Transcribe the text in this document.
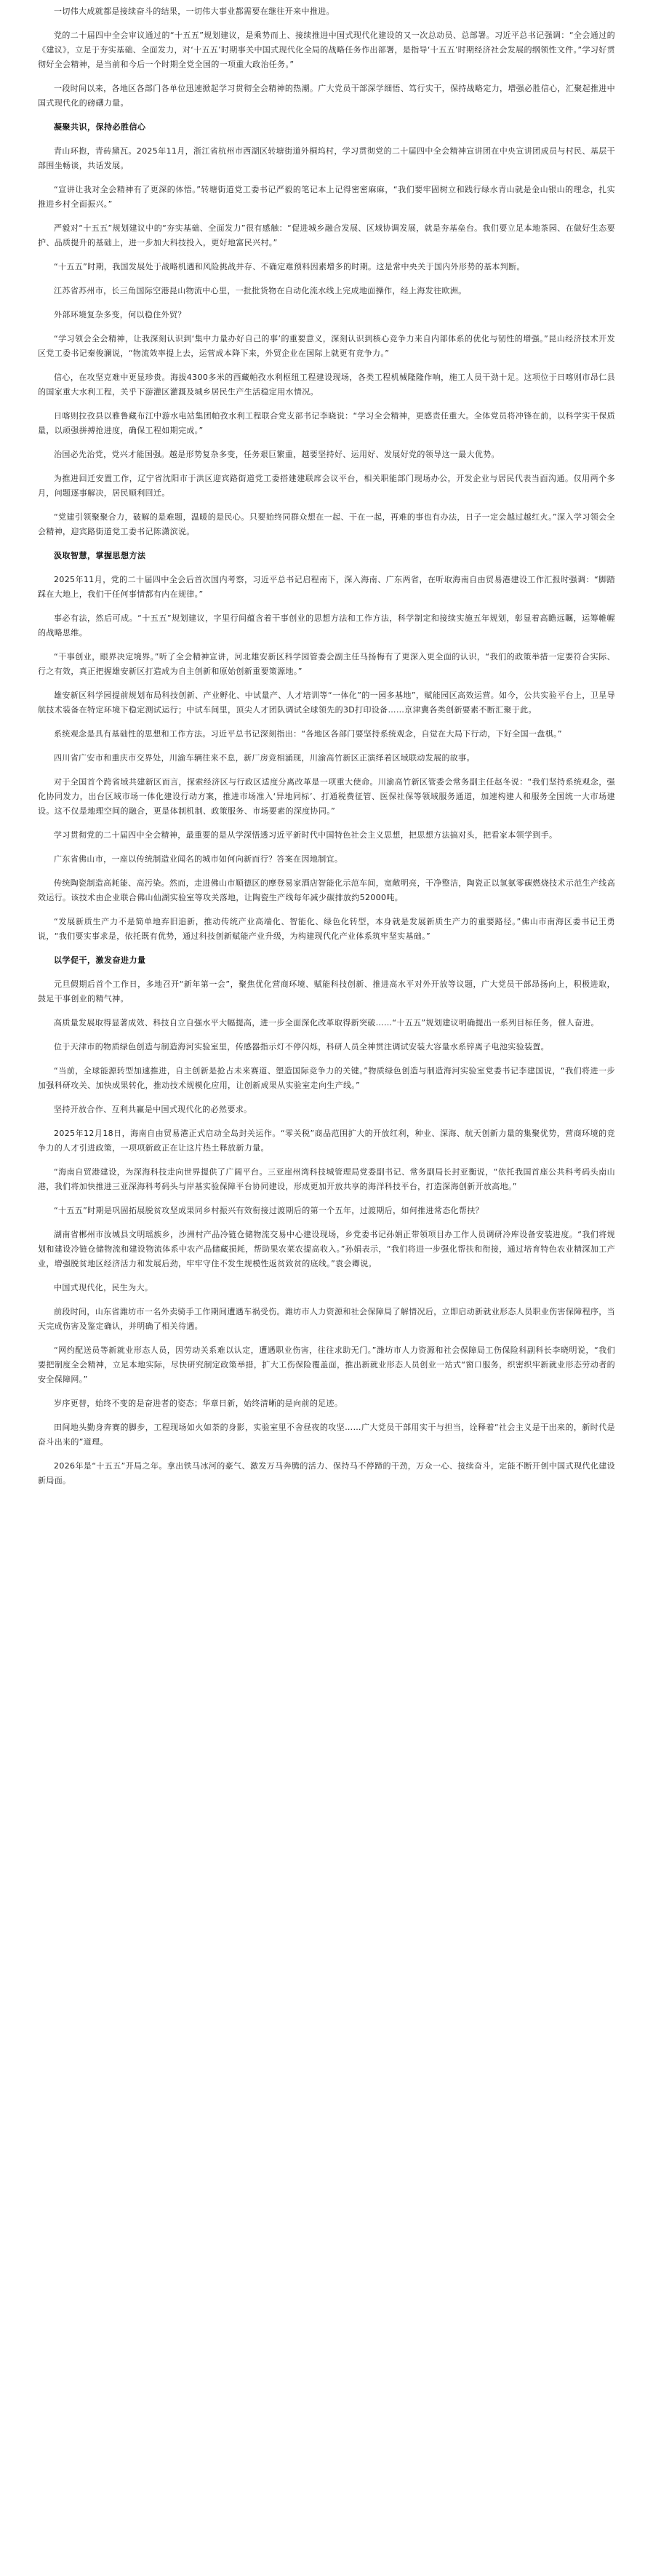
一切伟大成就都是接续奋斗的结果，一切伟大事业都需要在继往开来中推进。

党的二十届四中全会审议通过的“十五五”规划建议，是乘势而上、接续推进中国式现代化建设的又一次总动员、总部署。习近平总书记强调：“全会通过的《建议》，立足于夯实基础、全面发力，对‘十五五’时期事关中国式现代化全局的战略任务作出部署，是指导‘十五五’时期经济社会发展的纲领性文件。”学习好贯彻好全会精神，是当前和今后一个时期全党全国的一项重大政治任务。”

一段时间以来，各地区各部门各单位迅速掀起学习贯彻全会精神的热潮。广大党员干部深学细悟、笃行实干，保持战略定力，增强必胜信心，汇聚起推进中国式现代化的磅礴力量。

凝聚共识，保持必胜信心

青山环抱，青砖黛瓦。2025年11月，浙江省杭州市西湖区转塘街道外桐坞村，学习贯彻党的二十届四中全会精神宣讲团在中央宣讲团成员与村民、基层干部围坐畅谈，共话发展。

“宣讲让我对全会精神有了更深的体悟。”转塘街道党工委书记严毅的笔记本上记得密密麻麻，“我们要牢固树立和践行绿水青山就是金山银山的理念，扎实推进乡村全面振兴。”

严毅对“十五五”规划建议中的“夯实基础、全面发力”很有感触：“促进城乡融合发展、区域协调发展，就是夯基垒台。我们要立足本地茶园、在做好生态要护、品质提升的基础上，进一步加大科技投入，更好地富民兴村。”

“十五五”时期，我国发展处于战略机遇和风险挑战并存、不确定难预料因素增多的时期。这是常中央关于国内外形势的基本判断。

江苏省苏州市，长三角国际空港昆山物流中心里，一批批货物在自动化流水线上完成地面操作，经上海发往欧洲。

外部环境复杂多变，何以稳住外贸？

“学习领会全会精神，让我深刻认识到‘集中力量办好自己的事’的重要意义，深刻认识到核心竞争力来自内部体系的优化与韧性的增强。”昆山经济技术开发区党工委书记秦俊澜说，“物流效率提上去，运营成本降下来，外贸企业在国际上就更有竞争力。”

信心，在攻坚克难中更显珍贵。海拔4300多米的西藏帕孜水利枢纽工程建设现场，各类工程机械隆隆作响，施工人员干劲十足。这项位于日喀则市昂仁县的国家重大水利工程，关乎下游灌区灌溉及城乡居民生产生活稳定用水情况。

日喀则拉孜县以雅鲁藏布江中游水电站集团帕孜水利工程联合党支部书记李晓说：“学习全会精神，更感责任重大。全体党员将冲锋在前，以科学实干保质量，以顽强拼搏抢进度，确保工程如期完成。”

治国必先治党，党兴才能国强。越是形势复杂多变，任务艰巨繁重，越要坚持好、运用好、发展好党的领导这一最大优势。

为推进回迁安置工作，辽宁省沈阳市于洪区迎宾路街道党工委搭建建联席会议平台，相关职能部门现场办公，开发企业与居民代表当面沟通。仅用两个多月，问题逐事解决，居民顺利回迁。

“党建引领聚聚合力，破解的是难题，温暖的是民心。只要始终同群众想在一起、干在一起，再难的事也有办法，日子一定会越过越红火。”深入学习领会全会精神，迎宾路街道党工委书记陈潇滨说。

汲取智慧，掌握思想方法

2025年11月，党的二十届四中全会后首次国内考察，习近平总书记启程南下，深入海南、广东两省，在听取海南自由贸易港建设工作汇报时强调：“脚踏踩在大地上，我们干任何事情都有内在规律。”

事必有法，然后可成。“十五五”规划建议，字里行间蕴含着干事创业的思想方法和工作方法，科学制定和接续实施五年规划，彰显着高瞻远瞩，运筹帷幄的战略思维。

“干事创业，眼界决定境界。”听了全会精神宣讲，河北雄安新区科学园管委会副主任马扬梅有了更深入更全面的认识，“我们的政策举措一定要符合实际、行之有效，真正把握雄安新区打造成为自主创新和原始创新重要策源地。”

雄安新区科学园提前规划布局科技创新、产业孵化、中试量产、人才培训等“一体化”的一园多基地”，赋能园区高效运营。如今，公共实验平台上，卫星导航技术装备在特定环境下稳定测试运行；中试车间里，顶尖人才团队调试全球领先的3D打印设备……京津冀各类创新要素不断汇聚于此。

系统观念是具有基础性的思想和工作方法。习近平总书记深刻指出：“各地区各部门要坚持系统观念，自觉在大局下行动，下好全国一盘棋。”

四川省广安市和重庆市交界处，川渝车辆往来不息，新厂房竞相涌现，川渝高竹新区正演绎着区域联动发展的故事。

对于全国首个跨省域共建新区而言，探索经济区与行政区适度分离改革是一项重大使命。川渝高竹新区管委会常务副主任赵冬说：“我们坚持系统观念，强化协同发力，出台区域市场一体化建设行动方案，推进市场准入‘异地同标’、打通税费征管、医保社保等领域服务通道，加速构建人和服务全国统一大市场建设。这不仅是地理空间的融合，更是体制机制、政策服务、市场要素的深度协同。”

学习贯彻党的二十届四中全会精神，最重要的是从学深悟透习近平新时代中国特色社会主义思想，把思想方法搞对头，把看家本领学到手。

广东省佛山市，一座以传统制造业闻名的城市如何向新而行？答案在因地制宜。

传统陶瓷制造高耗能、高污染。然而，走进佛山市顺德区的摩登易家酒店智能化示范车间，宽敞明亮，干净整洁，陶瓷正以氢氨零碳燃烧技术示范生产线高效运行。该技术由企业联合佛山仙湖实验室等攻关落地，让陶瓷生产线每年减少碳排放约52000吨。

“发展新质生产力不是简单地弃旧追新，推动传统产业高端化、智能化、绿色化转型，本身就是发展新质生产力的重要路径。”佛山市南海区委书记王勇说，“我们要实事求是，依托既有优势，通过科技创新赋能产业升级，为构建现代化产业体系筑牢坚实基础。”

以学促干，激发奋进力量

元旦假期后首个工作日，多地召开“新年第一会”，聚焦优化营商环境、赋能科技创新、推进高水平对外开放等议题，广大党员干部昂扬向上，积极进取，鼓足干事创业的精气神。

高质量发展取得显著成效、科技自立自强水平大幅提高，进一步全面深化改革取得新突破……“十五五”规划建议明确提出一系列目标任务，催人奋进。

位于天津市的物质绿色创造与制造海河实验室里，传感器指示灯不停闪烁，科研人员全神贯注调试安装大容量水系锌离子电池实验装置。

“当前，全球能源转型加速推进，自主创新是抢占未来赛道、塑造国际竞争力的关键。”物质绿色创造与制造海河实验室党委书记李建国说，“我们将进一步加强科研攻关、加快成果转化，推动技术规模化应用，让创新成果从实验室走向生产线。”

坚持开放合作、互利共赢是中国式现代化的必然要求。

2025年12月18日，海南自由贸易港正式启动全岛封关运作。“零关税”商品范围扩大的开放红利，种业、深海、航天创新力量的集聚优势，营商环境的竞争力的人才引进政策，一项项新政正在让这片热土释放新力量。

“海南自贸港建设，为深海科技走向世界提供了广阔平台。三亚崖州湾科技城管理局党委副书记、常务副局长封亚衡说，“依托我国首座公共科考码头南山港，我们将加快推进三亚深海科考码头与岸基实验保障平台协同建设，形成更加开放共享的海洋科技平台，打造深海创新开放高地。”

“十五五”时期是巩固拓展脱贫攻坚成果同乡村振兴有效衔接过渡期后的第一个五年，过渡期后，如何推进常态化帮扶？

湖南省郴州市汝城县文明瑶族乡，沙洲村产品冷链仓储物流交易中心建设现场，乡党委书记孙娟正带领项目办工作人员调研冷库设备安装进度。“我们将规划和建设冷链仓储物流和建设物流体系中农产品储藏损耗，帮助果农菜农提高收入。”孙娟表示，“我们将进一步强化帮扶和衔接，通过培育特色农业精深加工产业，增强脱贫地区经济活力和发展后劲，牢牢守住不发生规模性返贫致贫的底线。”袁会卿说。

中国式现代化，民生为大。

前段时间，山东省潍坊市一名外卖骑手工作期间遭遇车祸受伤。潍坊市人力资源和社会保障局了解情况后，立即启动新就业形态人员职业伤害保障程序，当天完成伤害及鉴定确认，并明确了相关待遇。

“网约配送员等新就业形态人员，因劳动关系难以认定，遭遇职业伤害，往往求助无门。”潍坊市人力资源和社会保障局工伤保险科副科长李晓明说，“我们要把制度全会精神，立足本地实际，尽快研究制定政策举措，扩大工伤保险覆盖面，推出新就业形态人员创业一站式“窗口服务，织密织牢新就业形态劳动者的安全保障网。”

岁序更替，始终不变的是奋进者的姿态；华章日新，始终清晰的是向前的足迹。

田间地头勤身奔赛的脚步，工程现场如火如荼的身影，实验室里不舍昼夜的攻坚……广大党员干部用实干与担当，诠释着“社会主义是干出来的，新时代是奋斗出来的”道理。

2026年是“十五五”开局之年。拿出铁马冰河的豪气、激发万马奔腾的活力、保持马不停蹄的干劲，万众一心、接续奋斗，定能不断开创中国式现代化建设新局面。
